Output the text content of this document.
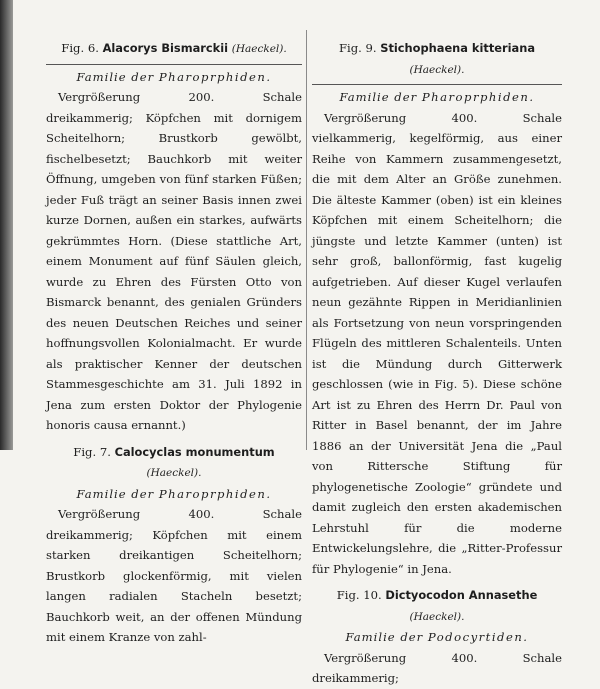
Fig. 6. Alacorys Bismarckii (Haeckel).

Familie der Pharoprphiden.

Vergrößerung 200. Schale dreikammerig; Köpfchen mit dornigem Scheitelhorn; Brustkorb gewölbt, fischelbesetzt; Bauchkorb mit weiter Öffnung, umgeben von fünf starken Füßen; jeder Fuß trägt an seiner Basis innen zwei kurze Dornen, außen ein starkes, aufwärts gekrümmtes Horn. (Diese stattliche Art, einem Monument auf fünf Säulen gleich, wurde zu Ehren des Fürsten Otto von Bismarck benannt, des genialen Gründers des neuen Deutschen Reiches und seiner hoffnungsvollen Kolonialmacht. Er wurde als praktischer Kenner der deutschen Stammesgeschichte am 31. Juli 1892 in Jena zum ersten Doktor der Phylogenie honoris causa ernannt.)

Fig. 7. Calocyclas monumentum (Haeckel).

Familie der Pharoprphiden.

Vergrößerung 400. Schale dreikammerig; Köpfchen mit einem starken dreikantigen Scheitelhorn; Brustkorb glockenförmig, mit vielen langen radialen Stacheln besetzt; Bauchkorb weit, an der offenen Mündung mit einem Kranze von zahl-

Fig. 9. Stichophaena kitteriana (Haeckel).

Familie der Pharoprphiden.

Vergrößerung 400. Schale vielkammerig, kegelförmig, aus einer Reihe von Kammern zusammengesetzt, die mit dem Alter an Größe zunehmen. Die älteste Kammer (oben) ist ein kleines Köpfchen mit einem Scheitelhorn; die jüngste und letzte Kammer (unten) ist sehr groß, ballonförmig, fast kugelig aufgetrieben. Auf dieser Kugel verlaufen neun gezähnte Rippen in Meridianlinien als Fortsetzung von neun vorspringenden Flügeln des mittleren Schalenteils. Unten ist die Mündung durch Gitterwerk geschlossen (wie in Fig. 5). Diese schöne Art ist zu Ehren des Herrn Dr. Paul von Ritter in Basel benannt, der im Jahre 1886 an der Universität Jena die „Paul von Rittersche Stiftung für phylogenetische Zoologie“ gründete und damit zugleich den ersten akademischen Lehrstuhl für die moderne Entwickelungslehre, die „Ritter-Professur für Phylogenie“ in Jena.

Fig. 10. Dictyocodon Annasethe (Haeckel).

Familie der Podocyrtiden.

Vergrößerung 400. Schale dreikammerig;
